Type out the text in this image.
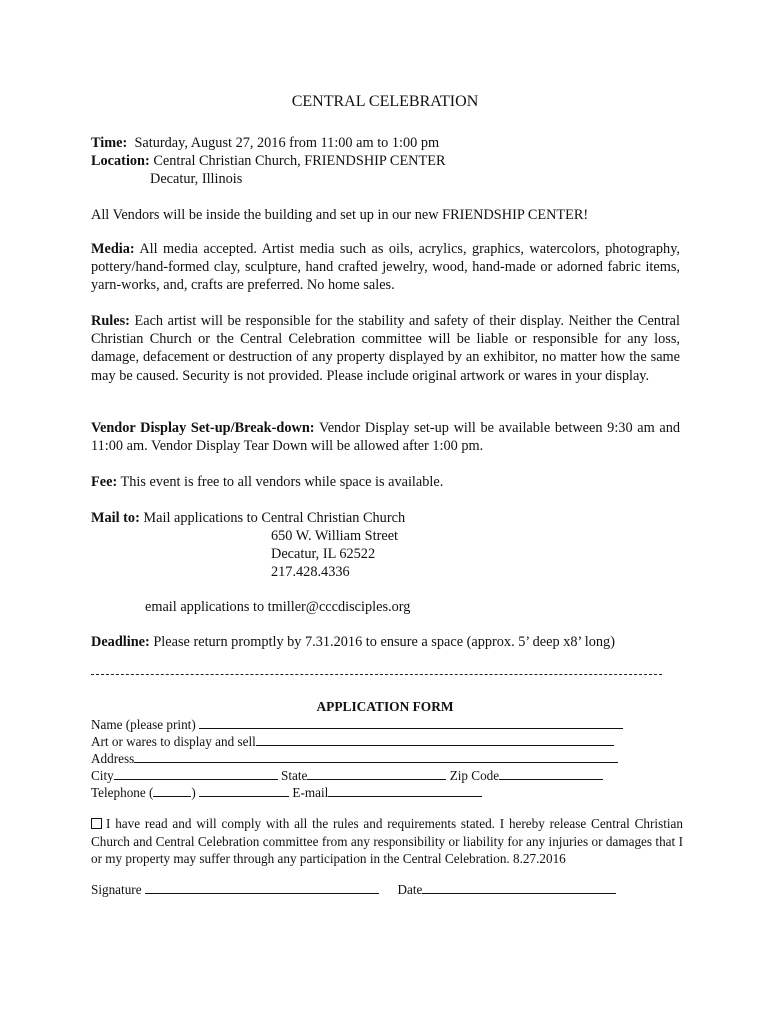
CENTRAL CELEBRATION
Time: Saturday, August 27, 2016 from 11:00 am to 1:00 pm
Location: Central Christian Church, FRIENDSHIP CENTER
Decatur, Illinois
All Vendors will be inside the building and set up in our new FRIENDSHIP CENTER!
Media: All media accepted. Artist media such as oils, acrylics, graphics, watercolors, photography, pottery/hand-formed clay, sculpture, hand crafted jewelry, wood, hand-made or adorned fabric items, yarn-works, and, crafts are preferred. No home sales.
Rules: Each artist will be responsible for the stability and safety of their display. Neither the Central Christian Church or the Central Celebration committee will be liable or responsible for any loss, damage, defacement or destruction of any property displayed by an exhibitor, no matter how the same may be caused. Security is not provided. Please include original artwork or wares in your display.
Vendor Display Set-up/Break-down: Vendor Display set-up will be available between 9:30 am and 11:00 am. Vendor Display Tear Down will be allowed after 1:00 pm.
Fee: This event is free to all vendors while space is available.
Mail to: Mail applications to Central Christian Church
650 W. William Street
Decatur, IL 62522
217.428.4336
email applications to tmiller@cccdisciples.org
Deadline: Please return promptly by 7.31.2016 to ensure a space (approx. 5’ deep x8’ long)
APPLICATION FORM
Name (please print)
Art or wares to display and sell
Address
City	State	Zip Code
Telephone (	)	E-mail
I have read and will comply with all the rules and requirements stated. I hereby release Central Christian Church and Central Celebration committee from any responsibility or liability for any injuries or damages that I or my property may suffer through any participation in the Central Celebration. 8.27.2016
Signature	Date
